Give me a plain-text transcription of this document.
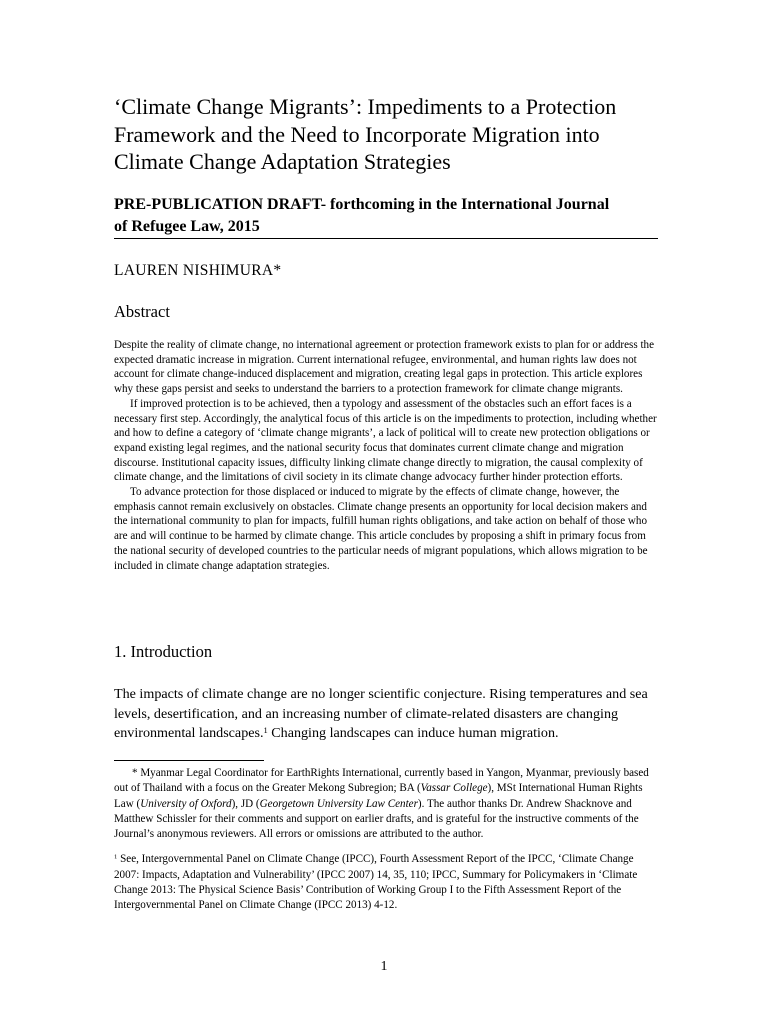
‘Climate Change Migrants’: Impediments to a Protection Framework and the Need to Incorporate Migration into Climate Change Adaptation Strategies
PRE-PUBLICATION DRAFT- forthcoming in the International Journal of Refugee Law, 2015
LAUREN NISHIMURA*
Abstract

Despite the reality of climate change, no international agreement or protection framework exists to plan for or address the expected dramatic increase in migration. Current international refugee, environmental, and human rights law does not account for climate change-induced displacement and migration, creating legal gaps in protection. This article explores why these gaps persist and seeks to understand the barriers to a protection framework for climate change migrants.

If improved protection is to be achieved, then a typology and assessment of the obstacles such an effort faces is a necessary first step. Accordingly, the analytical focus of this article is on the impediments to protection, including whether and how to define a category of ‘climate change migrants’, a lack of political will to create new protection obligations or expand existing legal regimes, and the national security focus that dominates current climate change and migration discourse. Institutional capacity issues, difficulty linking climate change directly to migration, the causal complexity of climate change, and the limitations of civil society in its climate change advocacy further hinder protection efforts.

To advance protection for those displaced or induced to migrate by the effects of climate change, however, the emphasis cannot remain exclusively on obstacles. Climate change presents an opportunity for local decision makers and the international community to plan for impacts, fulfill human rights obligations, and take action on behalf of those who are and will continue to be harmed by climate change. This article concludes by proposing a shift in primary focus from the national security of developed countries to the particular needs of migrant populations, which allows migration to be included in climate change adaptation strategies.

1. Introduction

The impacts of climate change are no longer scientific conjecture. Rising temperatures and sea levels, desertification, and an increasing number of climate-related disasters are changing environmental landscapes.$^1$ Changing landscapes can induce human migration.

* Myanmar Legal Coordinator for EarthRights International, currently based in Yangon, Myanmar, previously based out of Thailand with a focus on the Greater Mekong Subregion; BA (Vassar College), MSt International Human Rights Law (University of Oxford), JD (Georgetown University Law Center). The author thanks Dr. Andrew Shacknove and Matthew Schissler for their comments and support on earlier drafts, and is grateful for the instructive comments of the Journal’s anonymous reviewers. All errors or omissions are attributed to the author.

$^1$ See, Intergovernmental Panel on Climate Change (IPCC), Fourth Assessment Report of the IPCC, ‘Climate Change 2007: Impacts, Adaptation and Vulnerability’ (IPCC 2007) 14, 35, 110; IPCC, Summary for Policymakers in ‘Climate Change 2013: The Physical Science Basis’ Contribution of Working Group I to the Fifth Assessment Report of the Intergovernmental Panel on Climate Change (IPCC 2013) 4-12.

1
